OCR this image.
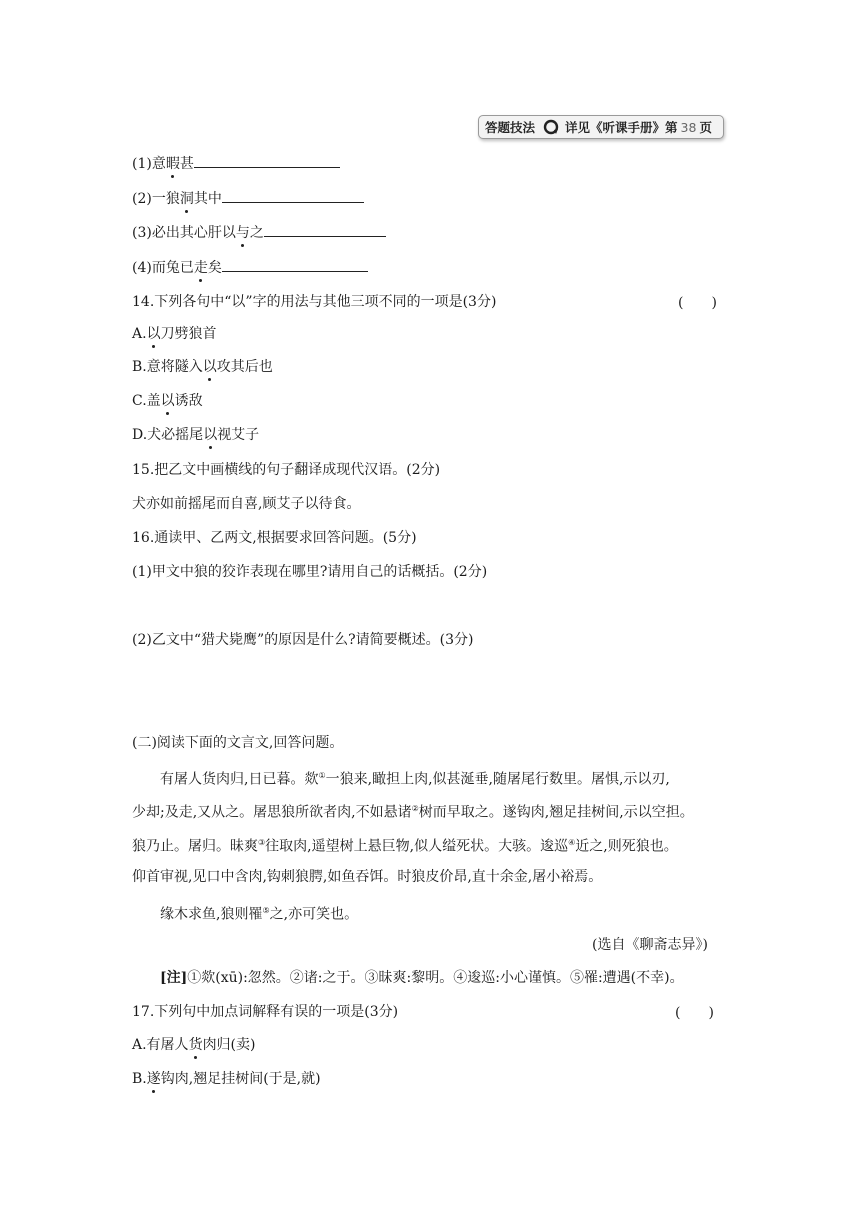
答题技法 详见《听课手册》第 38 页
(1)意暇甚
(2)一狼洞其中
(3)必出其心肝以与之
(4)而兔已走矣
14.下列各句中“以”字的用法与其他三项不同的一项是(3分)	(　　)
A.以刀劈狼首
B.意将隧入以攻其后也
C.盖以诱敌
D.犬必摇尾以视艾子
15.把乙文中画横线的句子翻译成现代汉语。(2分)
犬亦如前摇尾而自喜,顾艾子以待食。
16.通读甲、乙两文,根据要求回答问题。(5分)
(1)甲文中狼的狡诈表现在哪里?请用自己的话概括。(2分)
(2)乙文中“猎犬毙鹰”的原因是什么?请简要概述。(3分)
(二)阅读下面的文言文,回答问题。
有屠人货肉归,日已暮。欻①一狼来,瞰担上肉,似甚涎垂,随屠尾行数里。屠惧,示以刃,
少却;及走,又从之。屠思狼所欲者肉,不如悬诸②树而早取之。遂钩肉,翘足挂树间,示以空担。
狼乃止。屠归。昧爽③往取肉,遥望树上悬巨物,似人缢死状。大骇。逡巡④近之,则死狼也。
仰首审视,见口中含肉,钩刺狼腭,如鱼吞饵。时狼皮价昂,直十余金,屠小裕焉。
缘木求鱼,狼则罹⑤之,亦可笑也。
(选自《聊斋志异》)
[注]①欻(xū):忽然。②诸:之于。③昧爽:黎明。④逡巡:小心谨慎。⑤罹:遭遇(不幸)。
17.下列句中加点词解释有误的一项是(3分)	(　　)
A.有屠人货肉归(卖)
B.遂钩肉,翘足挂树间(于是,就)
